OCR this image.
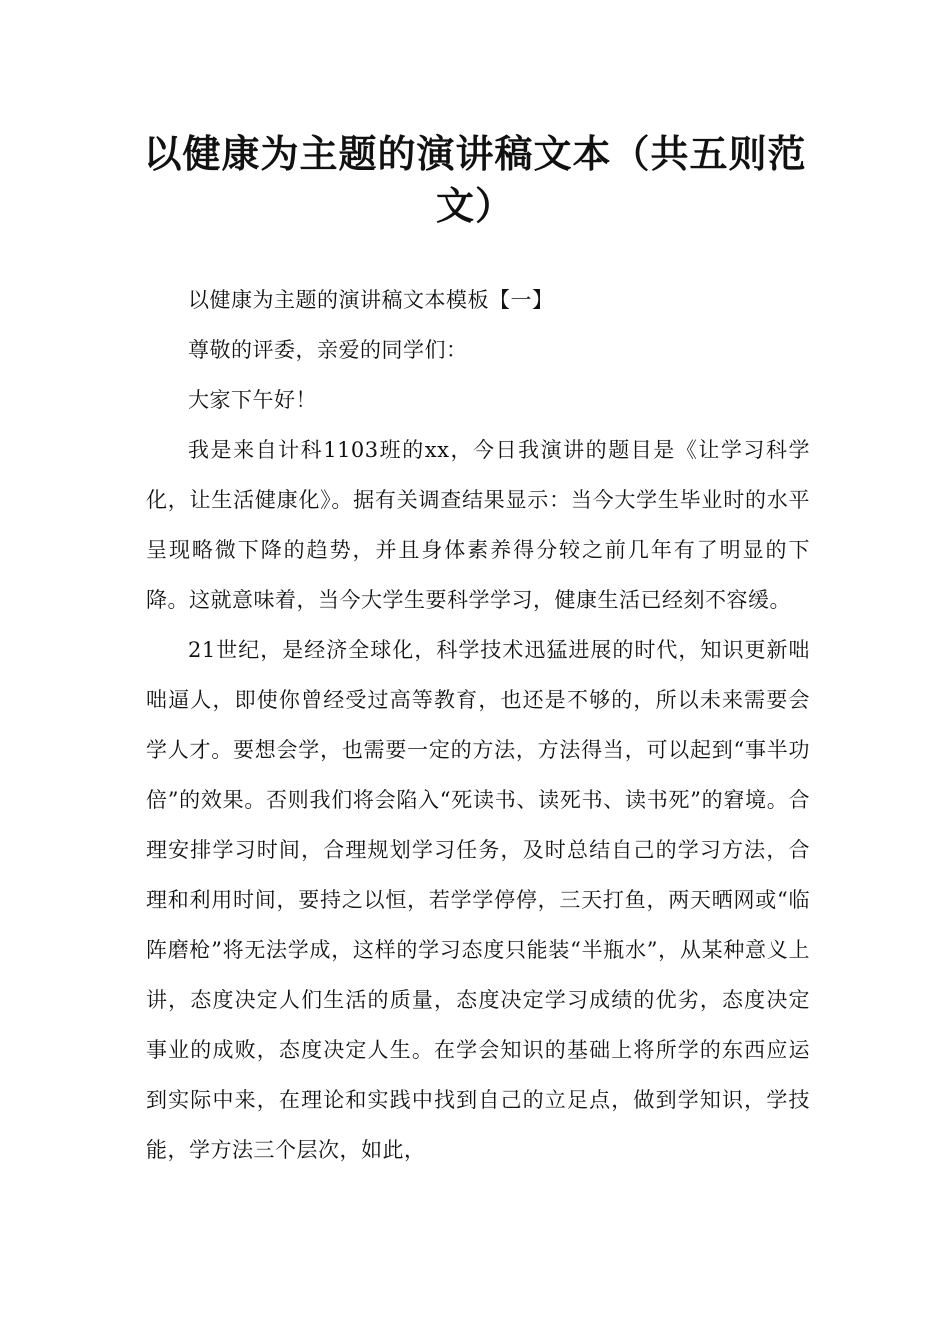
以健康为主题的演讲稿文本（共五则范文）

以健康为主题的演讲稿文本模板【一】

尊敬的评委，亲爱的同学们：

大家下午好！

我是来自计科1103班的xx，今日我演讲的题目是《让学习科学化，让生活健康化》。据有关调查结果显示：当今大学生毕业时的水平呈现略微下降的趋势，并且身体素养得分较之前几年有了明显的下降。这就意味着，当今大学生要科学学习，健康生活已经刻不容缓。

21世纪，是经济全球化，科学技术迅猛进展的时代，知识更新咄咄逼人，即使你曾经受过高等教育，也还是不够的，所以未来需要会学人才。要想会学，也需要一定的方法，方法得当，可以起到“事半功倍”的效果。否则我们将会陷入“死读书、读死书、读书死”的窘境。合理安排学习时间，合理规划学习任务，及时总结自己的学习方法，合理和利用时间，要持之以恒，若学学停停，三天打鱼，两天晒网或“临阵磨枪”将无法学成，这样的学习态度只能装“半瓶水”，从某种意义上讲，态度决定人们生活的质量，态度决定学习成绩的优劣，态度决定事业的成败，态度决定人生。在学会知识的基础上将所学的东西应运到实际中来，在理论和实践中找到自己的立足点，做到学知识，学技能，学方法三个层次，如此，
